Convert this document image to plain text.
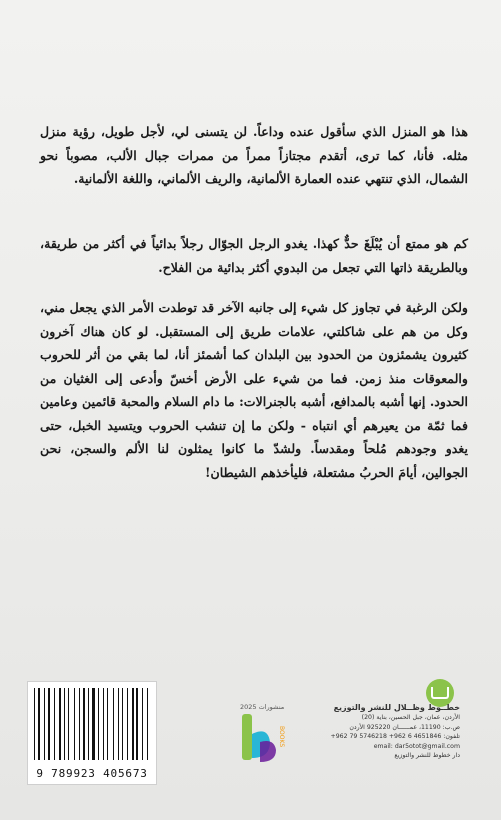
هذا هو المنزل الذي سأقول عنده وداعاً. لن يتسنى لي، لأجل طويل، رؤية منزل مثله. فأنا، كما ترى، أتقدم مجتازاً ممراً من ممرات جبال الألب، مصوباً نحو الشمال، الذي تنتهي عنده العمارة الألمانية، والريف الألماني، واللغة الألمانية.
كم هو ممتع أن يُبْلَغَ حدٌّ كهذا. يغدو الرجل الجوّال رجلاً بدائياً في أكثر من طريقة، وبالطريقة ذاتها التي تجعل من البدوي أكثر بدائية من الفلاح.
ولكن الرغبة في تجاوز كل شيء إلى جانبه الآخر قد توطدت الأمر الذي يجعل مني، وكل من هم على شاكلتي، علامات طريق إلى المستقبل. لو كان هناك آخرون كثيرون يشمئزون من الحدود بين البلدان كما أشمئز أنا، لما بقي من أثر للحروب والمعوقات منذ زمن. فما من شيء على الأرض أخسّ وأدعى إلى الغثيان من الحدود. إنها أشبه بالمدافع، أشبه بالجنرالات: ما دام السلام والمحبة قائمين وعامين فما ثمّة من يعيرهم أي انتباه - ولكن ما إن تنشب الحروب ويتسيد الخبل، حتى يغدو وجودهم مُلحاً ومقدساً. ولشدّ ما كانوا يمثلون لنا الألم والسجن، نحن الجوالين، أيامَ الحربُ مشتعلة، فليأخذهم الشيطان!
9 789923 405673
منشورات 2025
BOOKS
خطــوط وظــلال للنشر والتوزيع
الأردن، عمان، جبل الحسين، بناية (20)
ص.ب: 11190، عمــــــان 925220 الأردن
تلفون: 4651846 6 962+ 5746218 79 962+
email: dar5otot@gmail.com
دار خطوط للنشر والتوزيع
